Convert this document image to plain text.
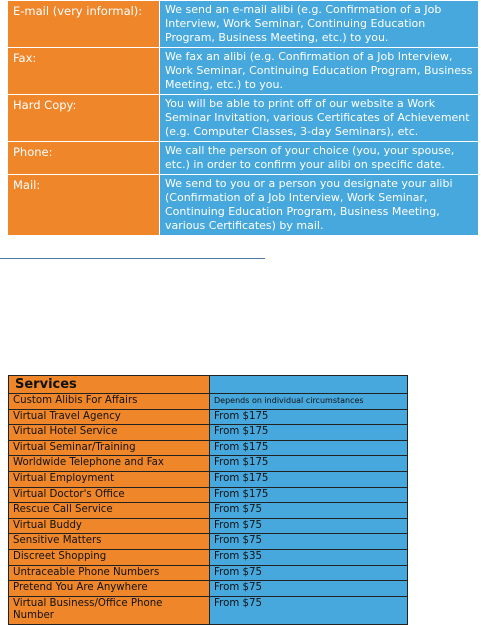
E-mail (very informal):	We send an e-mail alibi (e.g. Confirmation of a Job Interview, Work Seminar, Continuing Education Program, Business Meeting, etc.) to you.
Fax:	We fax an alibi (e.g. Confirmation of a Job Interview, Work Seminar, Continuing Education Program, Business Meeting, etc.) to you.
Hard Copy:	You will be able to print off of our website a Work Seminar Invitation, various Certificates of Achievement (e.g. Computer Classes, 3-day Seminars), etc.
Phone:	We call the person of your choice (you, your spouse, etc.) in order to confirm your alibi on specific date.
Mail:	We send to you or a person you designate your alibi (Confirmation of a Job Interview, Work Seminar, Continuing Education Program, Business Meeting, various Certificates) by mail.
Services	
Custom Alibis For Affairs	Depends on individual circumstances
Virtual Travel Agency	From $175
Virtual Hotel Service	From $175
Virtual Seminar/Training	From $175
Worldwide Telephone and Fax	From $175
Virtual Employment	From $175
Virtual Doctor's Office	From $175
Rescue Call Service	From $75
Virtual Buddy	From $75
Sensitive Matters	From $75
Discreet Shopping	From $35
Untraceable Phone Numbers	From $75
Pretend You Are Anywhere	From $75
Virtual Business/Office Phone Number	From $75
